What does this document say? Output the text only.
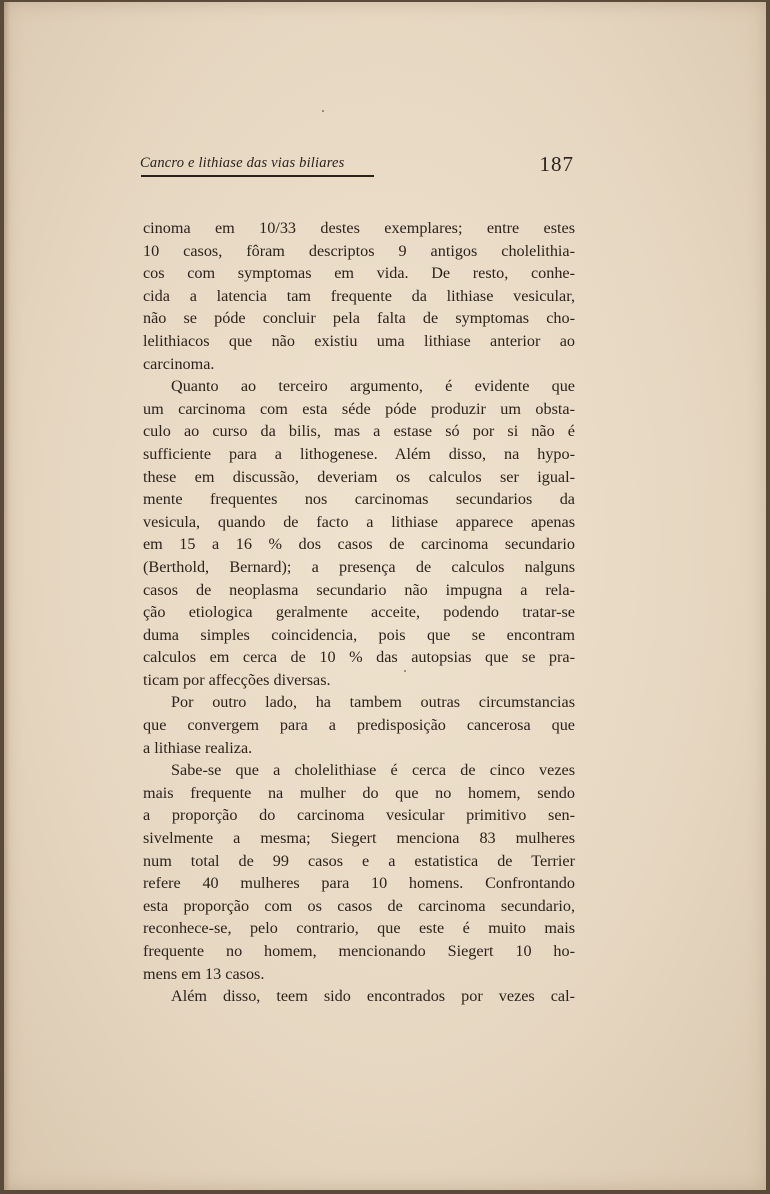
Cancro e lithiase das vias biliares	187
cinoma em 10/33 destes exemplares; entre estes
10 casos, fôram descriptos 9 antigos cholelithia-
cos com symptomas em vida. De resto, conhe-
cida a latencia tam frequente da lithiase vesicular,
não se póde concluir pela falta de symptomas cho-
lelithiacos que não existiu uma lithiase anterior ao
carcinoma.
Quanto ao terceiro argumento, é evidente que
um carcinoma com esta séde póde produzir um obsta-
culo ao curso da bilis, mas a estase só por si não é
sufficiente para a lithogenese. Além disso, na hypo-
these em discussão, deveriam os calculos ser igual-
mente frequentes nos carcinomas secundarios da
vesicula, quando de facto a lithiase apparece apenas
em 15 a 16 % dos casos de carcinoma secundario
(Berthold, Bernard); a presença de calculos nalguns
casos de neoplasma secundario não impugna a rela-
ção etiologica geralmente acceite, podendo tratar-se
duma simples coincidencia, pois que se encontram
calculos em cerca de 10 % das autopsias que se pra-
ticam por affecções diversas.
Por outro lado, ha tambem outras circumstancias
que convergem para a predisposição cancerosa que
a lithiase realiza.
Sabe-se que a cholelithiase é cerca de cinco vezes
mais frequente na mulher do que no homem, sendo
a proporção do carcinoma vesicular primitivo sen-
sivelmente a mesma; Siegert menciona 83 mulheres
num total de 99 casos e a estatistica de Terrier
refere 40 mulheres para 10 homens. Confrontando
esta proporção com os casos de carcinoma secundario,
reconhece-se, pelo contrario, que este é muito mais
frequente no homem, mencionando Siegert 10 ho-
mens em 13 casos.
Além disso, teem sido encontrados por vezes cal-
